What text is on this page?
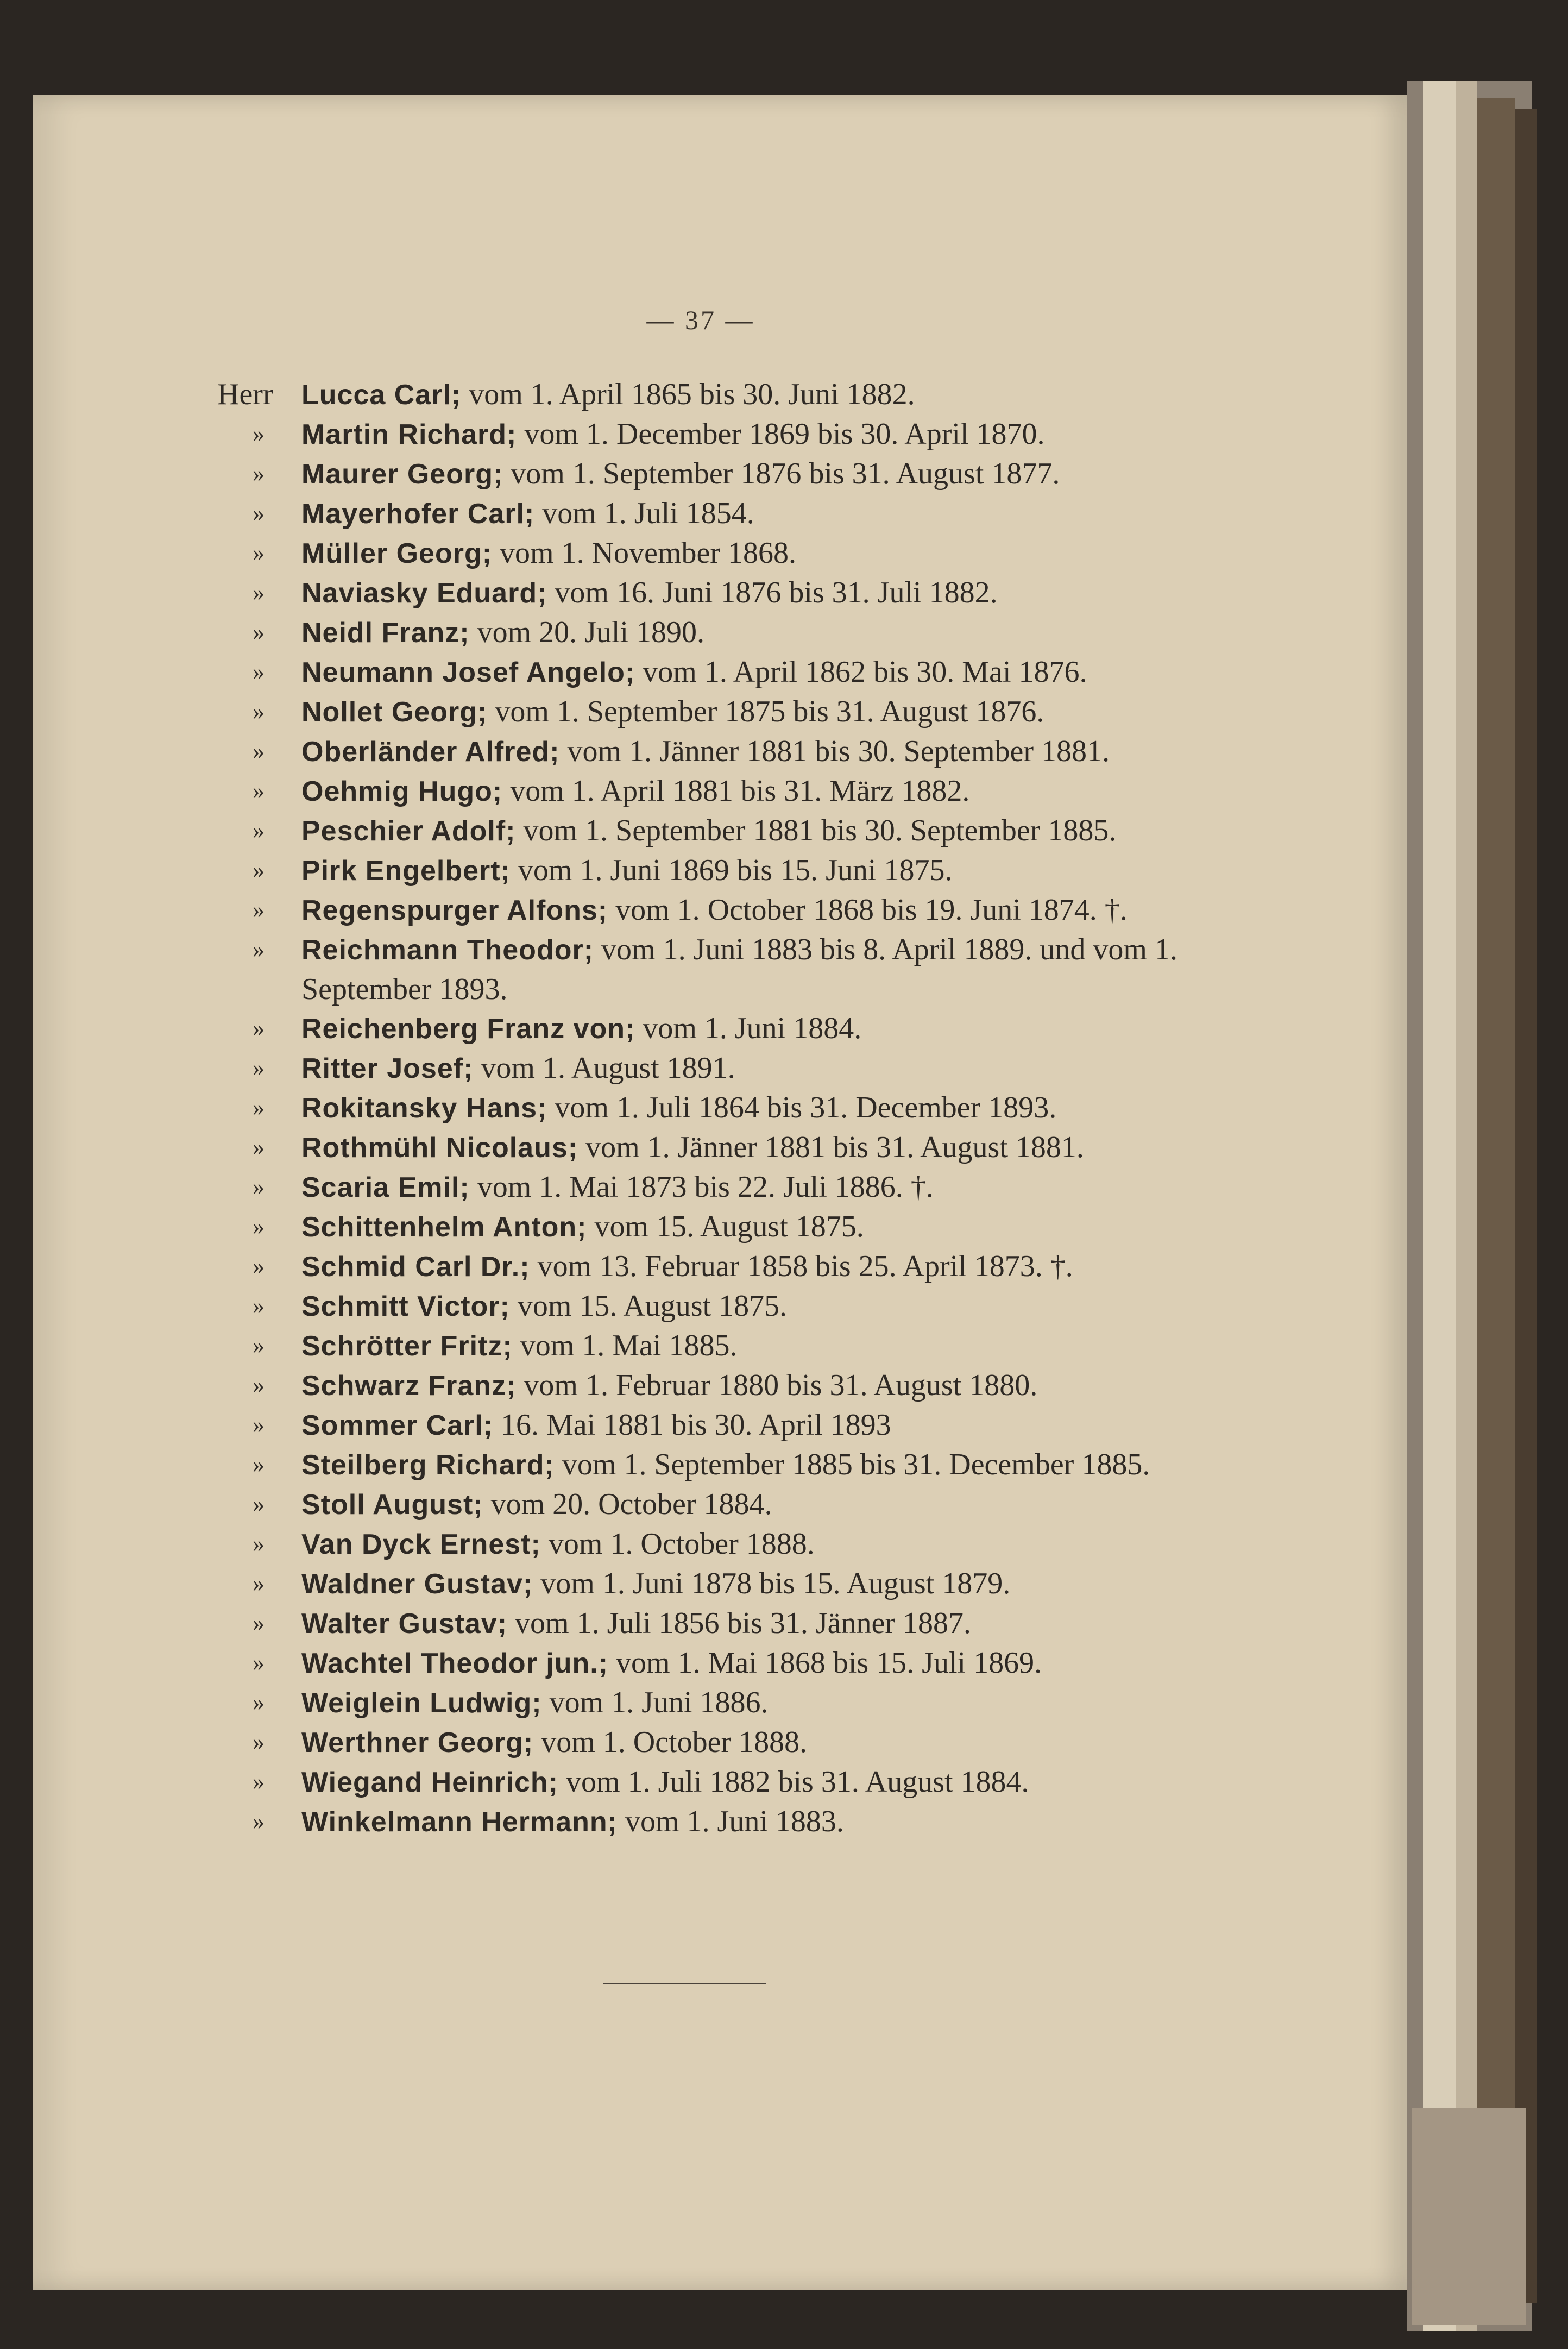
— 37 —
Herr	Lucca Carl; vom 1. April 1865 bis 30. Juni 1882.
»	Martin Richard; vom 1. December 1869 bis 30. April 1870.
»	Maurer Georg; vom 1. September 1876 bis 31. August 1877.
»	Mayerhofer Carl; vom 1. Juli 1854.
»	Müller Georg; vom 1. November 1868.
»	Naviasky Eduard; vom 16. Juni 1876 bis 31. Juli 1882.
»	Neidl Franz; vom 20. Juli 1890.
»	Neumann Josef Angelo; vom 1. April 1862 bis 30. Mai 1876.
»	Nollet Georg; vom 1. September 1875 bis 31. August 1876.
»	Oberländer Alfred; vom 1. Jänner 1881 bis 30. September 1881.
»	Oehmig Hugo; vom 1. April 1881 bis 31. März 1882.
»	Peschier Adolf; vom 1. September 1881 bis 30. September 1885.
»	Pirk Engelbert; vom 1. Juni 1869 bis 15. Juni 1875.
»	Regenspurger Alfons; vom 1. October 1868 bis 19. Juni 1874. †.
»	Reichmann Theodor; vom 1. Juni 1883 bis 8. April 1889. und vom 1. September 1893.
»	Reichenberg Franz von; vom 1. Juni 1884.
»	Ritter Josef; vom 1. August 1891.
»	Rokitansky Hans; vom 1. Juli 1864 bis 31. December 1893.
»	Rothmühl Nicolaus; vom 1. Jänner 1881 bis 31. August 1881.
»	Scaria Emil; vom 1. Mai 1873 bis 22. Juli 1886. †.
»	Schittenhelm Anton; vom 15. August 1875.
»	Schmid Carl Dr.; vom 13. Februar 1858 bis 25. April 1873. †.
»	Schmitt Victor; vom 15. August 1875.
»	Schrötter Fritz; vom 1. Mai 1885.
»	Schwarz Franz; vom 1. Februar 1880 bis 31. August 1880.
»	Sommer Carl; 16. Mai 1881 bis 30. April 1893
»	Steilberg Richard; vom 1. September 1885 bis 31. December 1885.
»	Stoll August; vom 20. October 1884.
»	Van Dyck Ernest; vom 1. October 1888.
»	Waldner Gustav; vom 1. Juni 1878 bis 15. August 1879.
»	Walter Gustav; vom 1. Juli 1856 bis 31. Jänner 1887.
»	Wachtel Theodor jun.; vom 1. Mai 1868 bis 15. Juli 1869.
»	Weiglein Ludwig; vom 1. Juni 1886.
»	Werthner Georg; vom 1. October 1888.
»	Wiegand Heinrich; vom 1. Juli 1882 bis 31. August 1884.
»	Winkelmann Hermann; vom 1. Juni 1883.
